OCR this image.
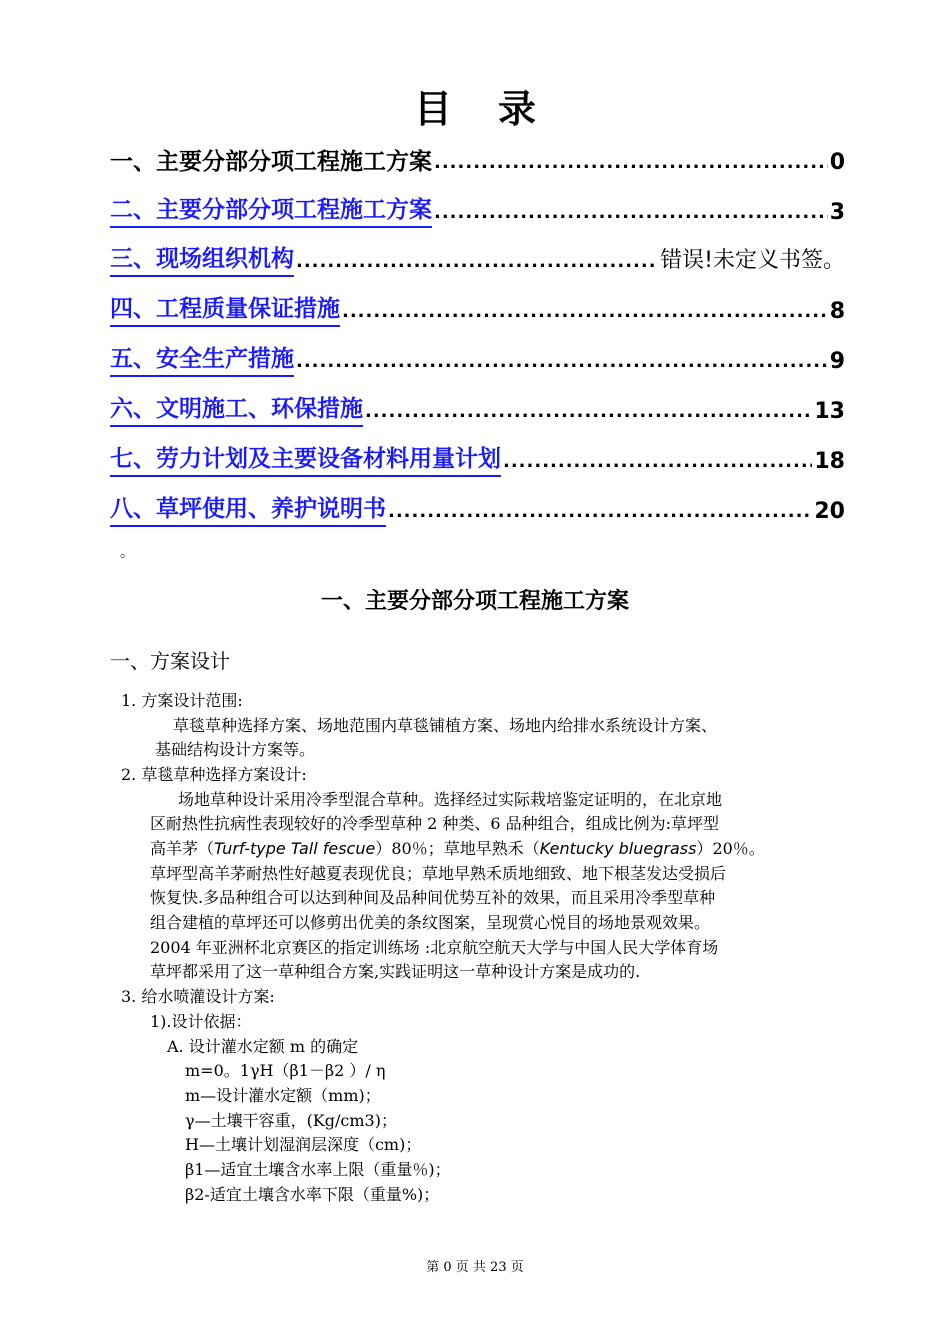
目录
一、主要分部分项工程施工方案 .....	0
二、主要分部分项工程施工方案 .....	3
三、现场组织机构 .....	错误!未定义书签。
四、工程质量保证措施 .....	8
五、安全生产措施 .....	9
六、文明施工、环保措施 .....	13
七、劳力计划及主要设备材料用量计划 .....	18
八、草坪使用、养护说明书 .....	20
。
一、主要分部分项工程施工方案
一、方案设计
1. 方案设计范围:
草毯草种选择方案、场地范围内草毯铺植方案、场地内给排水系统设计方案、
基础结构设计方案等。
2. 草毯草种选择方案设计:
场地草种设计采用冷季型混合草种。选择经过实际栽培鉴定证明的，在北京地
区耐热性抗病性表现较好的冷季型草种 2 种类、6 品种组合，组成比例为:草坪型
高羊茅（Turf-type Tall fescue）80％；草地早熟禾（Kentucky bluegrass）20％。
草坪型高羊茅耐热性好越夏表现优良；草地早熟禾质地细致、地下根茎发达受损后
恢复快.多品种组合可以达到种间及品种间优势互补的效果，而且采用冷季型草种
组合建植的草坪还可以修剪出优美的条纹图案，呈现赏心悦目的场地景观效果。
2004 年亚洲杯北京赛区的指定训练场 :北京航空航天大学与中国人民大学体育场
草坪都采用了这一草种组合方案,实践证明这一草种设计方案是成功的.
3. 给水喷灌设计方案:
1).设计依据：
A. 设计灌水定额 m 的确定
m=0。1γH（β1－β2 ）/ η
m—设计灌水定额（mm)；
γ—土壤干容重，(Kg/cm3)；
H—土壤计划湿润层深度（cm)；
β1—适宜土壤含水率上限（重量％)；
β2-适宜土壤含水率下限（重量%)；
第 0 页 共 23 页
